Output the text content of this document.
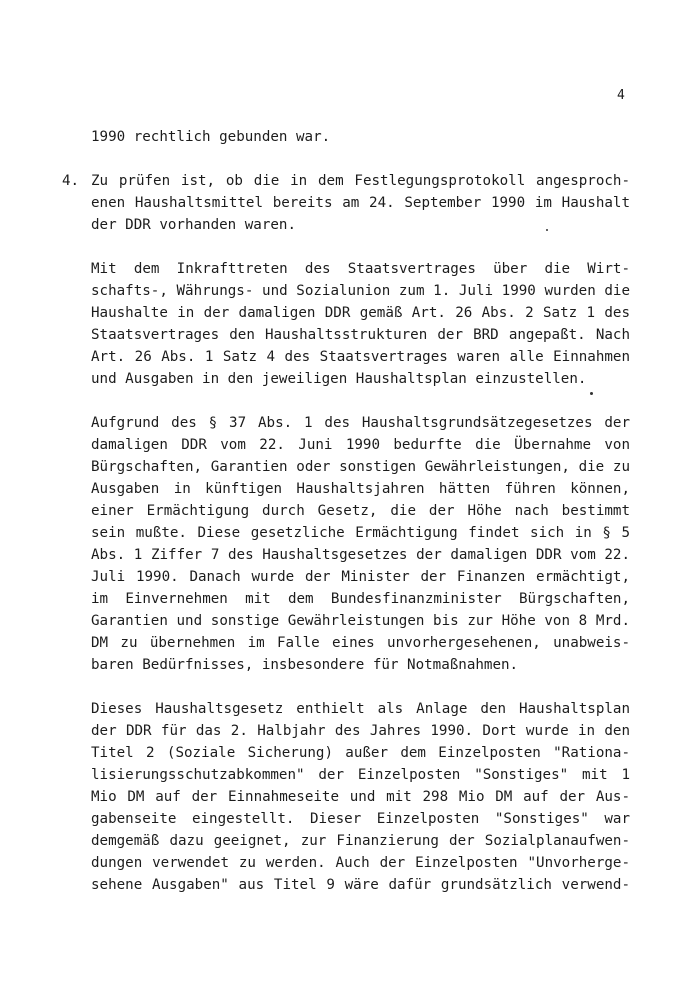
4
1990 rechtlich gebunden war.
4. Zu prüfen ist, ob die in dem Festlegungsprotokoll angesproch-
enen Haushaltsmittel bereits am 24. September 1990 im Haushalt
der DDR vorhanden waren.
Mit dem Inkrafttreten des Staatsvertrages über die Wirt-
schafts-, Währungs- und Sozialunion zum 1. Juli 1990 wurden die
Haushalte in der damaligen DDR gemäß Art. 26 Abs. 2 Satz 1 des
Staatsvertrages den Haushaltsstrukturen der BRD angepaßt. Nach
Art. 26 Abs. 1 Satz 4 des Staatsvertrages waren alle Einnahmen
und Ausgaben in den jeweiligen Haushaltsplan einzustellen.
Aufgrund des § 37 Abs. 1 des Haushaltsgrundsätzegesetzes der
damaligen DDR vom 22. Juni 1990 bedurfte die Übernahme von
Bürgschaften, Garantien oder sonstigen Gewährleistungen, die zu
Ausgaben in künftigen Haushaltsjahren hätten führen können,
einer Ermächtigung durch Gesetz, die der Höhe nach bestimmt
sein mußte. Diese gesetzliche Ermächtigung findet sich in § 5
Abs. 1 Ziffer 7 des Haushaltsgesetzes der damaligen DDR vom 22.
Juli 1990. Danach wurde der Minister der Finanzen ermächtigt,
im Einvernehmen mit dem Bundesfinanzminister Bürgschaften,
Garantien und sonstige Gewährleistungen bis zur Höhe von 8 Mrd.
DM zu übernehmen im Falle eines unvorhergesehenen, unabweis-
baren Bedürfnisses, insbesondere für Notmaßnahmen.
Dieses Haushaltsgesetz enthielt als Anlage den Haushaltsplan
der DDR für das 2. Halbjahr des Jahres 1990. Dort wurde in den
Titel 2 (Soziale Sicherung) außer dem Einzelposten "Rationa-
lisierungsschutzabkommen" der Einzelposten "Sonstiges" mit 1
Mio DM auf der Einnahmeseite und mit 298 Mio DM auf der Aus-
gabenseite eingestellt. Dieser Einzelposten "Sonstiges" war
demgemäß dazu geeignet, zur Finanzierung der Sozialplanaufwen-
dungen verwendet zu werden. Auch der Einzelposten "Unvorherge-
sehene Ausgaben" aus Titel 9 wäre dafür grundsätzlich verwend-
